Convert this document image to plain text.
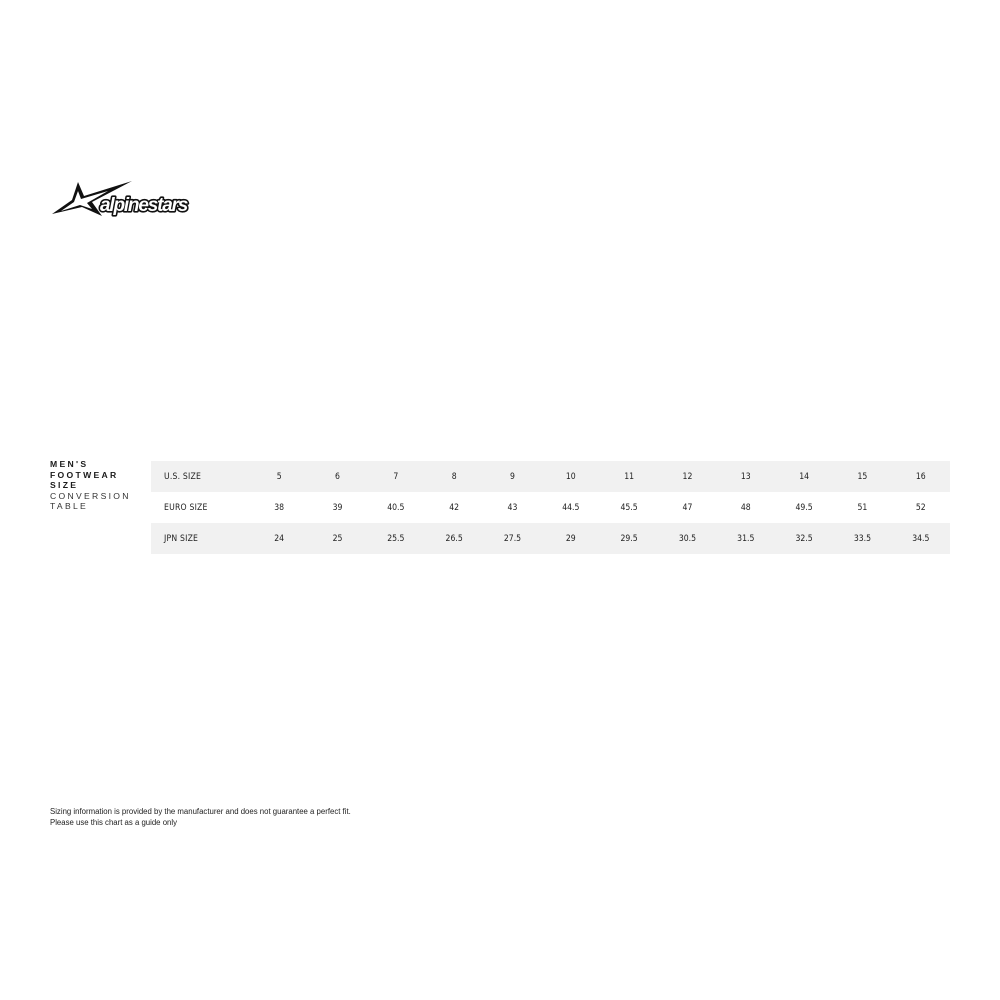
alpinestars
MEN'S
FOOTWEAR
SIZE
CONVERSION
TABLE
U.S. SIZE	5	6	7	8	9	10	11	12	13	14	15	16
EURO SIZE	38	39	40.5	42	43	44.5	45.5	47	48	49.5	51	52
JPN SIZE	24	25	25.5	26.5	27.5	29	29.5	30.5	31.5	32.5	33.5	34.5
Sizing information is provided by the manufacturer and does not guarantee a perfect fit.
Please use this chart as a guide only
